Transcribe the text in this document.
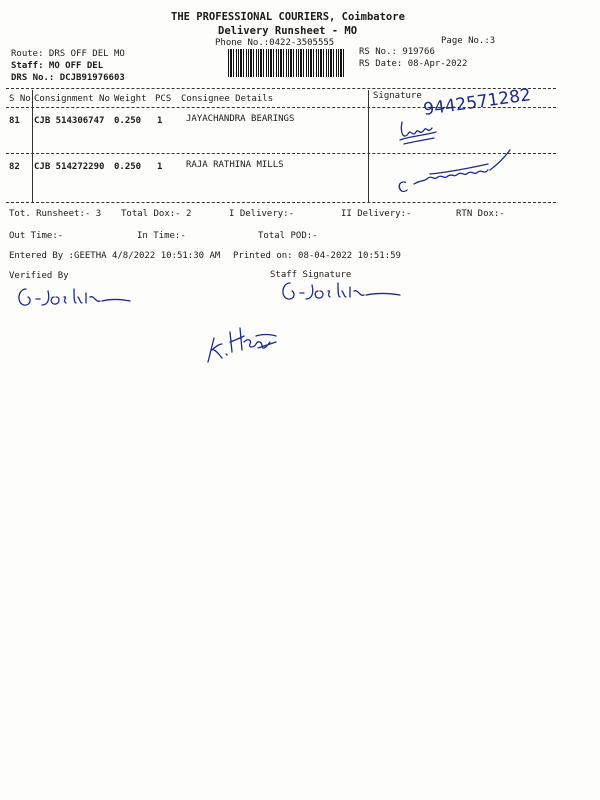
THE PROFESSIONAL COURIERS, Coimbatore
Delivery Runsheet - MO
Phone No.:0422-3505555	Page No.:3
Route: DRS OFF DEL MO
Staff: MO OFF DEL
DRS No.: DCJB91976603
RS No.: 919766
RS Date: 08-Apr-2022
S No Consignment No Weight PCS Consignee Details	Signature
81 CJB 514306747 0.250 1	JAYACHANDRA BEARINGS	9442571282
82 CJB 514272290 0.250 1	RAJA RATHINA MILLS
C
Tot. Runsheet:- 3 Total Dox:- 2	I Delivery:-	II Delivery:-	RTN Dox:-
Out Time:-	In Time:-	Total POD:-
Entered By :GEETHA 4/8/2022 10:51:30 AM Printed on: 08-04-2022 10:51:59
Verified By	Staff Signature
